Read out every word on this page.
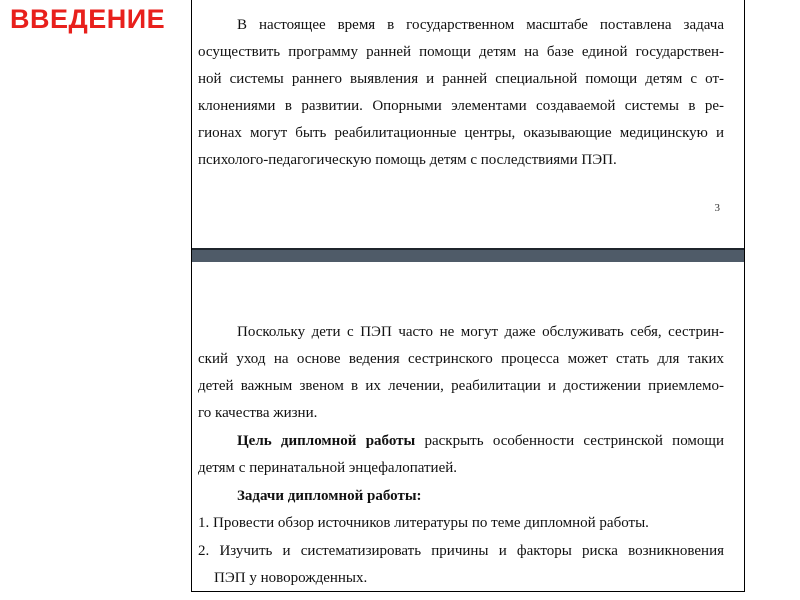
ВВЕДЕНИЕ	В настоящее время в государственном масштабе поставлена задача
осуществить программу ранней помощи детям на базе единой государствен-
ной системы раннего выявления и ранней специальной помощи детям с от-
клонениями в развитии. Опорными элементами создаваемой системы в ре-
гионах могут быть реабилитационные центры, оказывающие медицинскую и
психолого-педагогическую помощь детям с последствиями ПЭП.
3
Поскольку дети с ПЭП часто не могут даже обслуживать себя, сестрин-
ский уход на основе ведения сестринского процесса может стать для таких
детей важным звеном в их лечении, реабилитации и достижении приемлемо-
го качества жизни.
Цель дипломной работы раскрыть особенности сестринской помощи
детям с перинатальной энцефалопатией.
Задачи дипломной работы:
1. Провести обзор источников литературы по теме дипломной работы.
2. Изучить и систематизировать причины и факторы риска возникновения
ПЭП у новорожденных.
